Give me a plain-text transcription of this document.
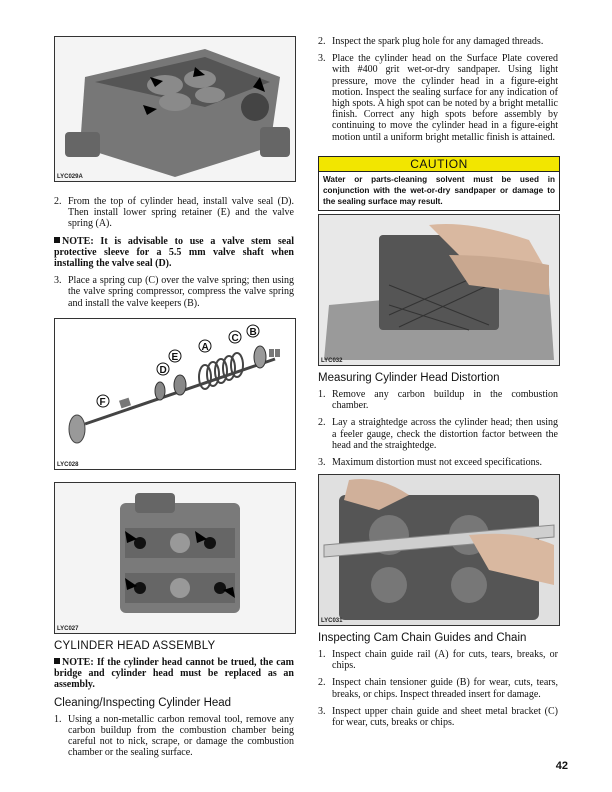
LYC029A
2. From the top of cylinder head, install valve seal (D). Then install lower spring retainer (E) and the valve spring (A).

NOTE: It is advisable to use a valve stem seal protective sleeve for a 5.5 mm valve shaft when installing the valve seal (D).

3. Place a spring cup (C) over the valve spring; then using the valve spring compressor, compress the valve spring and install the valve keepers (B).
F
D
E
A
C
B
LYC028
LYC027
CYLINDER HEAD ASSEMBLY

NOTE: If the cylinder head cannot be trued, the cam bridge and cylinder head must be replaced as an assembly.

Cleaning/Inspecting Cylinder Head
1. Using a non-metallic carbon removal tool, remove any carbon buildup from the combustion chamber being careful not to nick, scrape, or damage the combustion chamber or the sealing surface.
2. Inspect the spark plug hole for any damaged threads.
3. Place the cylinder head on the Surface Plate covered with #400 grit wet-or-dry sandpaper. Using light pressure, move the cylinder head in a figure-eight motion. Inspect the sealing surface for any indication of high spots. A high spot can be noted by a bright metallic finish. Correct any high spots before assembly by continuing to move the cylinder head in a figure-eight motion until a uniform bright metallic finish is attained.
CAUTION
Water or parts-cleaning solvent must be used in conjunction with the wet-or-dry sandpaper or damage to the sealing surface may result.
LYC032
Measuring Cylinder Head Distortion
1. Remove any carbon buildup in the combustion chamber.
2. Lay a straightedge across the cylinder head; then using a feeler gauge, check the distortion factor between the head and the straightedge.
3. Maximum distortion must not exceed specifications.
LYC031
Inspecting Cam Chain Guides and Chain
1. Inspect chain guide rail (A) for cuts, tears, breaks, or chips.
2. Inspect chain tensioner guide (B) for wear, cuts, tears, breaks, or chips. Inspect threaded insert for damage.
3. Inspect upper chain guide and sheet metal bracket (C) for wear, cuts, breaks or chips.
42
